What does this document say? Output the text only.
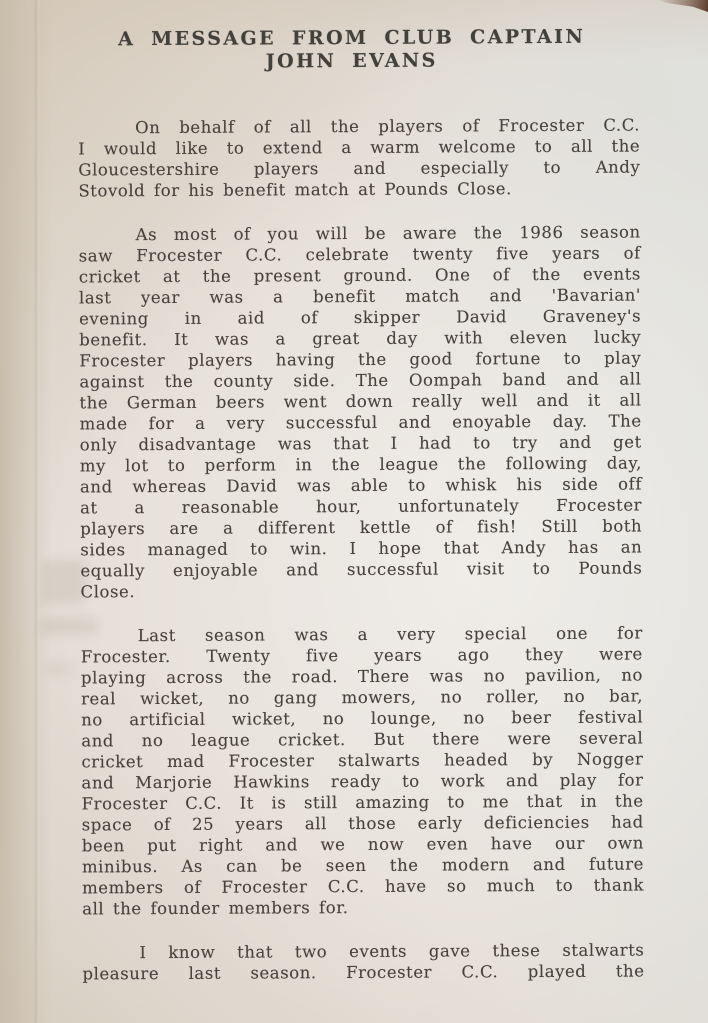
A MESSAGE FROM CLUB CAPTAIN
JOHN EVANS
On behalf of all the players of Frocester C.C.
I would like to extend a warm welcome to all the
Gloucestershire players and especially to Andy
Stovold for his benefit match at Pounds Close.
As most of you will be aware the 1986 season
saw Frocester C.C. celebrate twenty five years of
cricket at the present ground. One of the events
last year was a benefit match and 'Bavarian'
evening in aid of skipper David Graveney's
benefit. It was a great day with eleven lucky
Frocester players having the good fortune to play
against the county side. The Oompah band and all
the German beers went down really well and it all
made for a very successful and enoyable day. The
only disadvantage was that I had to try and get
my lot to perform in the league the following day,
and whereas David was able to whisk his side off
at a reasonable hour, unfortunately Frocester
players are a different kettle of fish! Still both
sides managed to win. I hope that Andy has an
equally enjoyable and successful visit to Pounds
Close.
Last season was a very special one for
Frocester. Twenty five years ago they were
playing across the road. There was no pavilion, no
real wicket, no gang mowers, no roller, no bar,
no artificial wicket, no lounge, no beer festival
and no league cricket. But there were several
cricket mad Frocester stalwarts headed by Nogger
and Marjorie Hawkins ready to work and play for
Frocester C.C. It is still amazing to me that in the
space of 25 years all those early deficiencies had
been put right and we now even have our own
minibus. As can be seen the modern and future
members of Frocester C.C. have so much to thank
all the founder members for.
I know that two events gave these stalwarts
pleasure last season. Frocester C.C. played the
